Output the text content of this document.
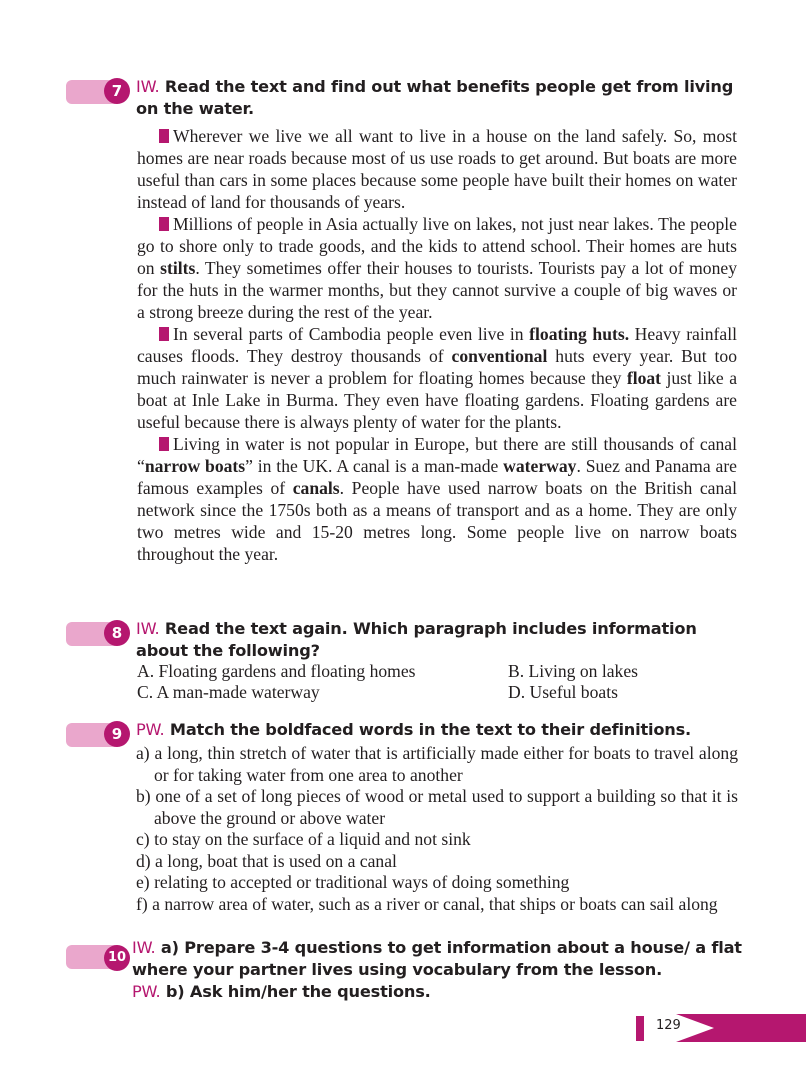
7 IW. Read the text and find out what benefits people get from living on the water.

Wherever we live we all want to live in a house on the land safely. So, most homes are near roads because most of us use roads to get around. But boats are more useful than cars in some places because some people have built their homes on water instead of land for thousands of years.

Millions of people in Asia actually live on lakes, not just near lakes. The people go to shore only to trade goods, and the kids to attend school. Their homes are huts on stilts. They sometimes offer their houses to tourists. Tourists pay a lot of money for the huts in the warmer months, but they cannot survive a couple of big waves or a strong breeze during the rest of the year.

In several parts of Cambodia people even live in floating huts. Heavy rainfall causes floods. They destroy thousands of conventional huts every year. But too much rainwater is never a problem for floating homes because they float just like a boat at Inle Lake in Burma. They even have floating gardens. Floating gardens are useful because there is always plenty of water for the plants.

Living in water is not popular in Europe, but there are still thousands of canal “narrow boats” in the UK. A canal is a man-made waterway. Suez and Panama are famous examples of canals. People have used narrow boats on the British canal network since the 1750s both as a means of transport and as a home. They are only two metres wide and 15-20 metres long. Some people live on narrow boats throughout the year.

8 IW. Read the text again. Which paragraph includes information about the following?
A. Floating gardens and floating homes	B. Living on lakes
C. A man-made waterway	D. Useful boats
9 PW. Match the boldfaced words in the text to their definitions.
a) a long, thin stretch of water that is artificially made either for boats to travel along or for taking water from one area to another
b) one of a set of long pieces of wood or metal used to support a building so that it is above the ground or above water
c) to stay on the surface of a liquid and not sink
d) a long, boat that is used on a canal
e) relating to accepted or traditional ways of doing something
f) a narrow area of water, such as a river or canal, that ships or boats can sail along
10
IW. a) Prepare 3-4 questions to get information about a house/ a flat where your partner lives using vocabulary from the lesson.
PW. b) Ask him/her the questions.
129
